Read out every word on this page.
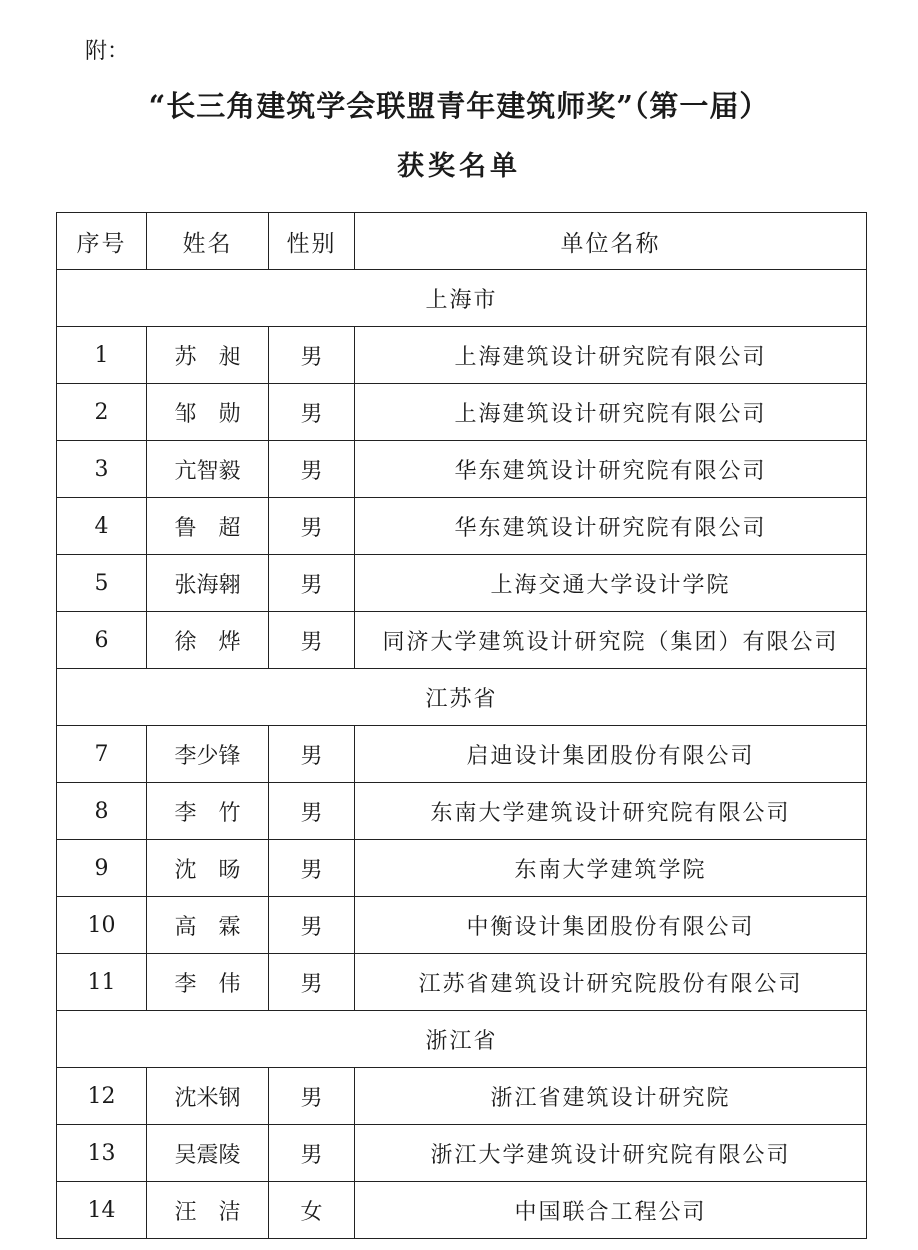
附：
“长三角建筑学会联盟青年建筑师奖”（第一届）
获奖名单
序号	姓名	性别	单位名称
上海市			
1	苏　昶	男	上海建筑设计研究院有限公司
2	邹　勋	男	上海建筑设计研究院有限公司
3	亢智毅	男	华东建筑设计研究院有限公司
4	鲁　超	男	华东建筑设计研究院有限公司
5	张海翱	男	上海交通大学设计学院
6	徐　烨	男	同济大学建筑设计研究院（集团）有限公司
江苏省			
7	李少锋	男	启迪设计集团股份有限公司
8	李　竹	男	东南大学建筑设计研究院有限公司
9	沈　旸	男	东南大学建筑学院
10	高　霖	男	中衡设计集团股份有限公司
11	李　伟	男	江苏省建筑设计研究院股份有限公司
浙江省			
12	沈米钢	男	浙江省建筑设计研究院
13	吴震陵	男	浙江大学建筑设计研究院有限公司
14	汪　洁	女	中国联合工程公司
